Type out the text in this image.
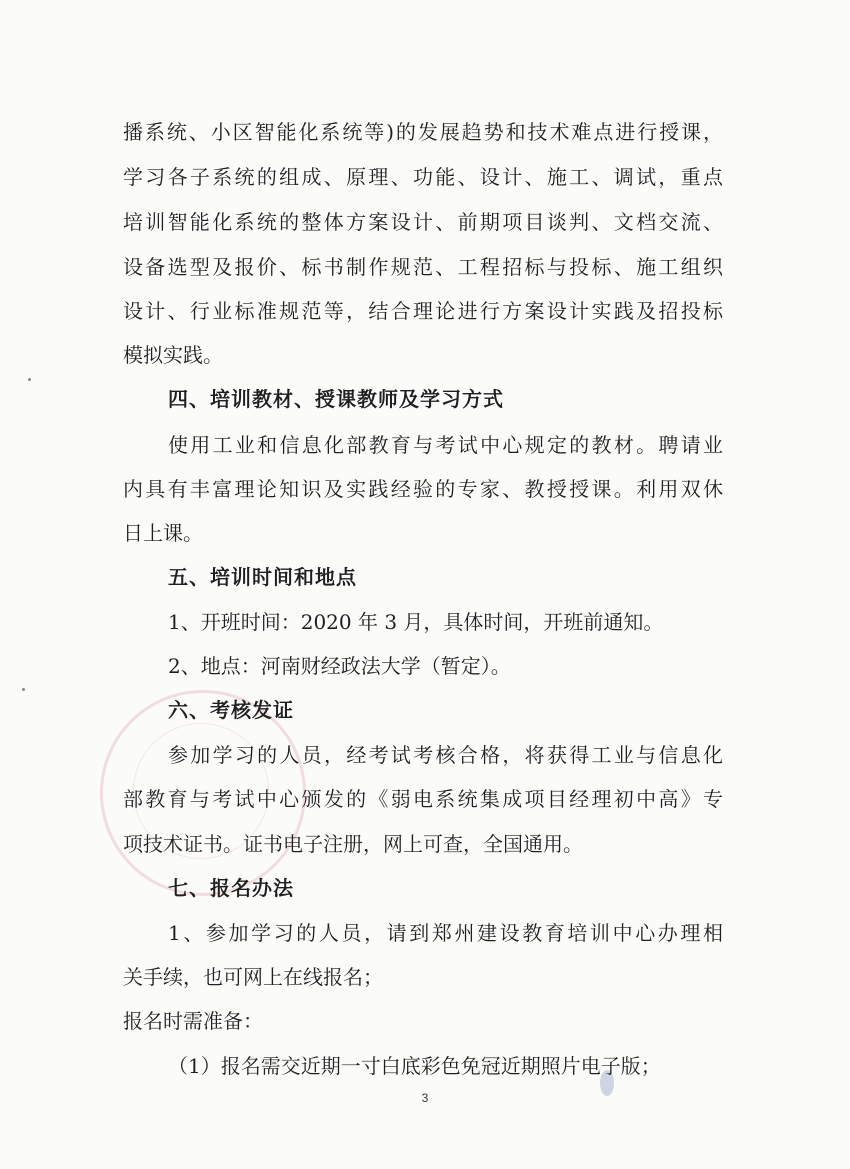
播系统、小区智能化系统等)的发展趋势和技术难点进行授课，
学习各子系统的组成、原理、功能、设计、施工、调试，重点
培训智能化系统的整体方案设计、前期项目谈判、文档交流、
设备选型及报价、标书制作规范、工程招标与投标、施工组织
设计、行业标准规范等，结合理论进行方案设计实践及招投标
模拟实践。
四、培训教材、授课教师及学习方式
使用工业和信息化部教育与考试中心规定的教材。聘请业
内具有丰富理论知识及实践经验的专家、教授授课。利用双休
日上课。
五、培训时间和地点
1、开班时间：2020 年 3 月，具体时间，开班前通知。
2、地点：河南财经政法大学（暂定）。
六、考核发证
参加学习的人员，经考试考核合格，将获得工业与信息化
部教育与考试中心颁发的《弱电系统集成项目经理初中高》专
项技术证书。证书电子注册，网上可查，全国通用。
七、报名办法
1、参加学习的人员，请到郑州建设教育培训中心办理相
关手续，也可网上在线报名；
报名时需准备：
（1）报名需交近期一寸白底彩色免冠近期照片电子版；
3
